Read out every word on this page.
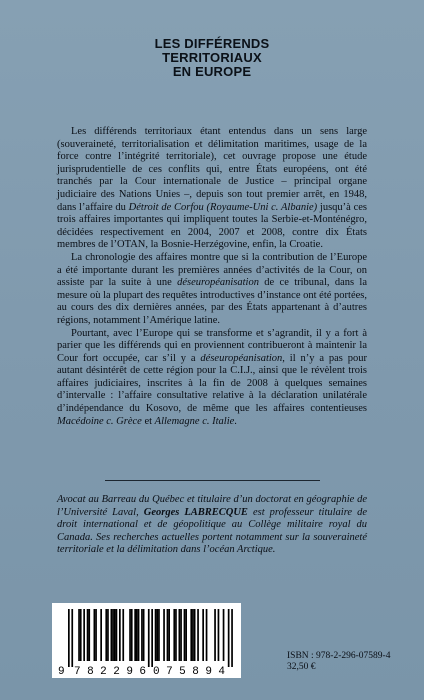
LES DIFFÉRENDS
TERRITORIAUX
EN EUROPE

Les différends territoriaux étant entendus dans un sens large (souveraineté, territorialisation et délimitation maritimes, usage de la force contre l’intégrité territoriale), cet ouvrage propose une étude jurisprudentielle de ces conflits qui, entre États européens, ont été tranchés par la Cour internationale de Justice – principal organe judiciaire des Nations Unies –, depuis son tout premier arrêt, en 1948, dans l’affaire du Détroit de Corfou (Royaume-Uni c. Albanie) jusqu’à ces trois affaires importantes qui impliquent toutes la Serbie-et-Monténégro, décidées respectivement en 2004, 2007 et 2008, contre dix États membres de l’OTAN, la Bosnie-Herzégovine, enfin, la Croatie.

La chronologie des affaires montre que si la contribution de l’Europe a été importante durant les premières années d’activités de la Cour, on assiste par la suite à une déseuropéanisation de ce tribunal, dans la mesure où la plupart des requêtes introductives d’instance ont été portées, au cours des dix dernières années, par des États appartenant à d’autres régions, notamment l’Amérique latine.

Pourtant, avec l’Europe qui se transforme et s’agrandit, il y a fort à parier que les différends qui en proviennent contribueront à maintenir la Cour fort occupée, car s’il y a déseuropéanisation, il n’y a pas pour autant désintérêt de cette région pour la C.I.J., ainsi que le révèlent trois affaires judiciaires, inscrites à la fin de 2008 à quelques semaines d’intervalle : l’affaire consultative relative à la déclaration unilatérale d’indépendance du Kosovo, de même que les affaires contentieuses Macédoine c. Grèce et Allemagne c. Italie.

Avocat au Barreau du Québec et titulaire d’un doctorat en géographie de l’Université Laval, Georges LABRECQUE est professeur titulaire de droit international et de géopolitique au Collège militaire royal du Canada. Ses recherches actuelles portent notamment sur la souveraineté territoriale et la délimitation dans l’océan Arctique.
9 782296 075894
ISBN : 978-2-296-07589-4
32,50 €
